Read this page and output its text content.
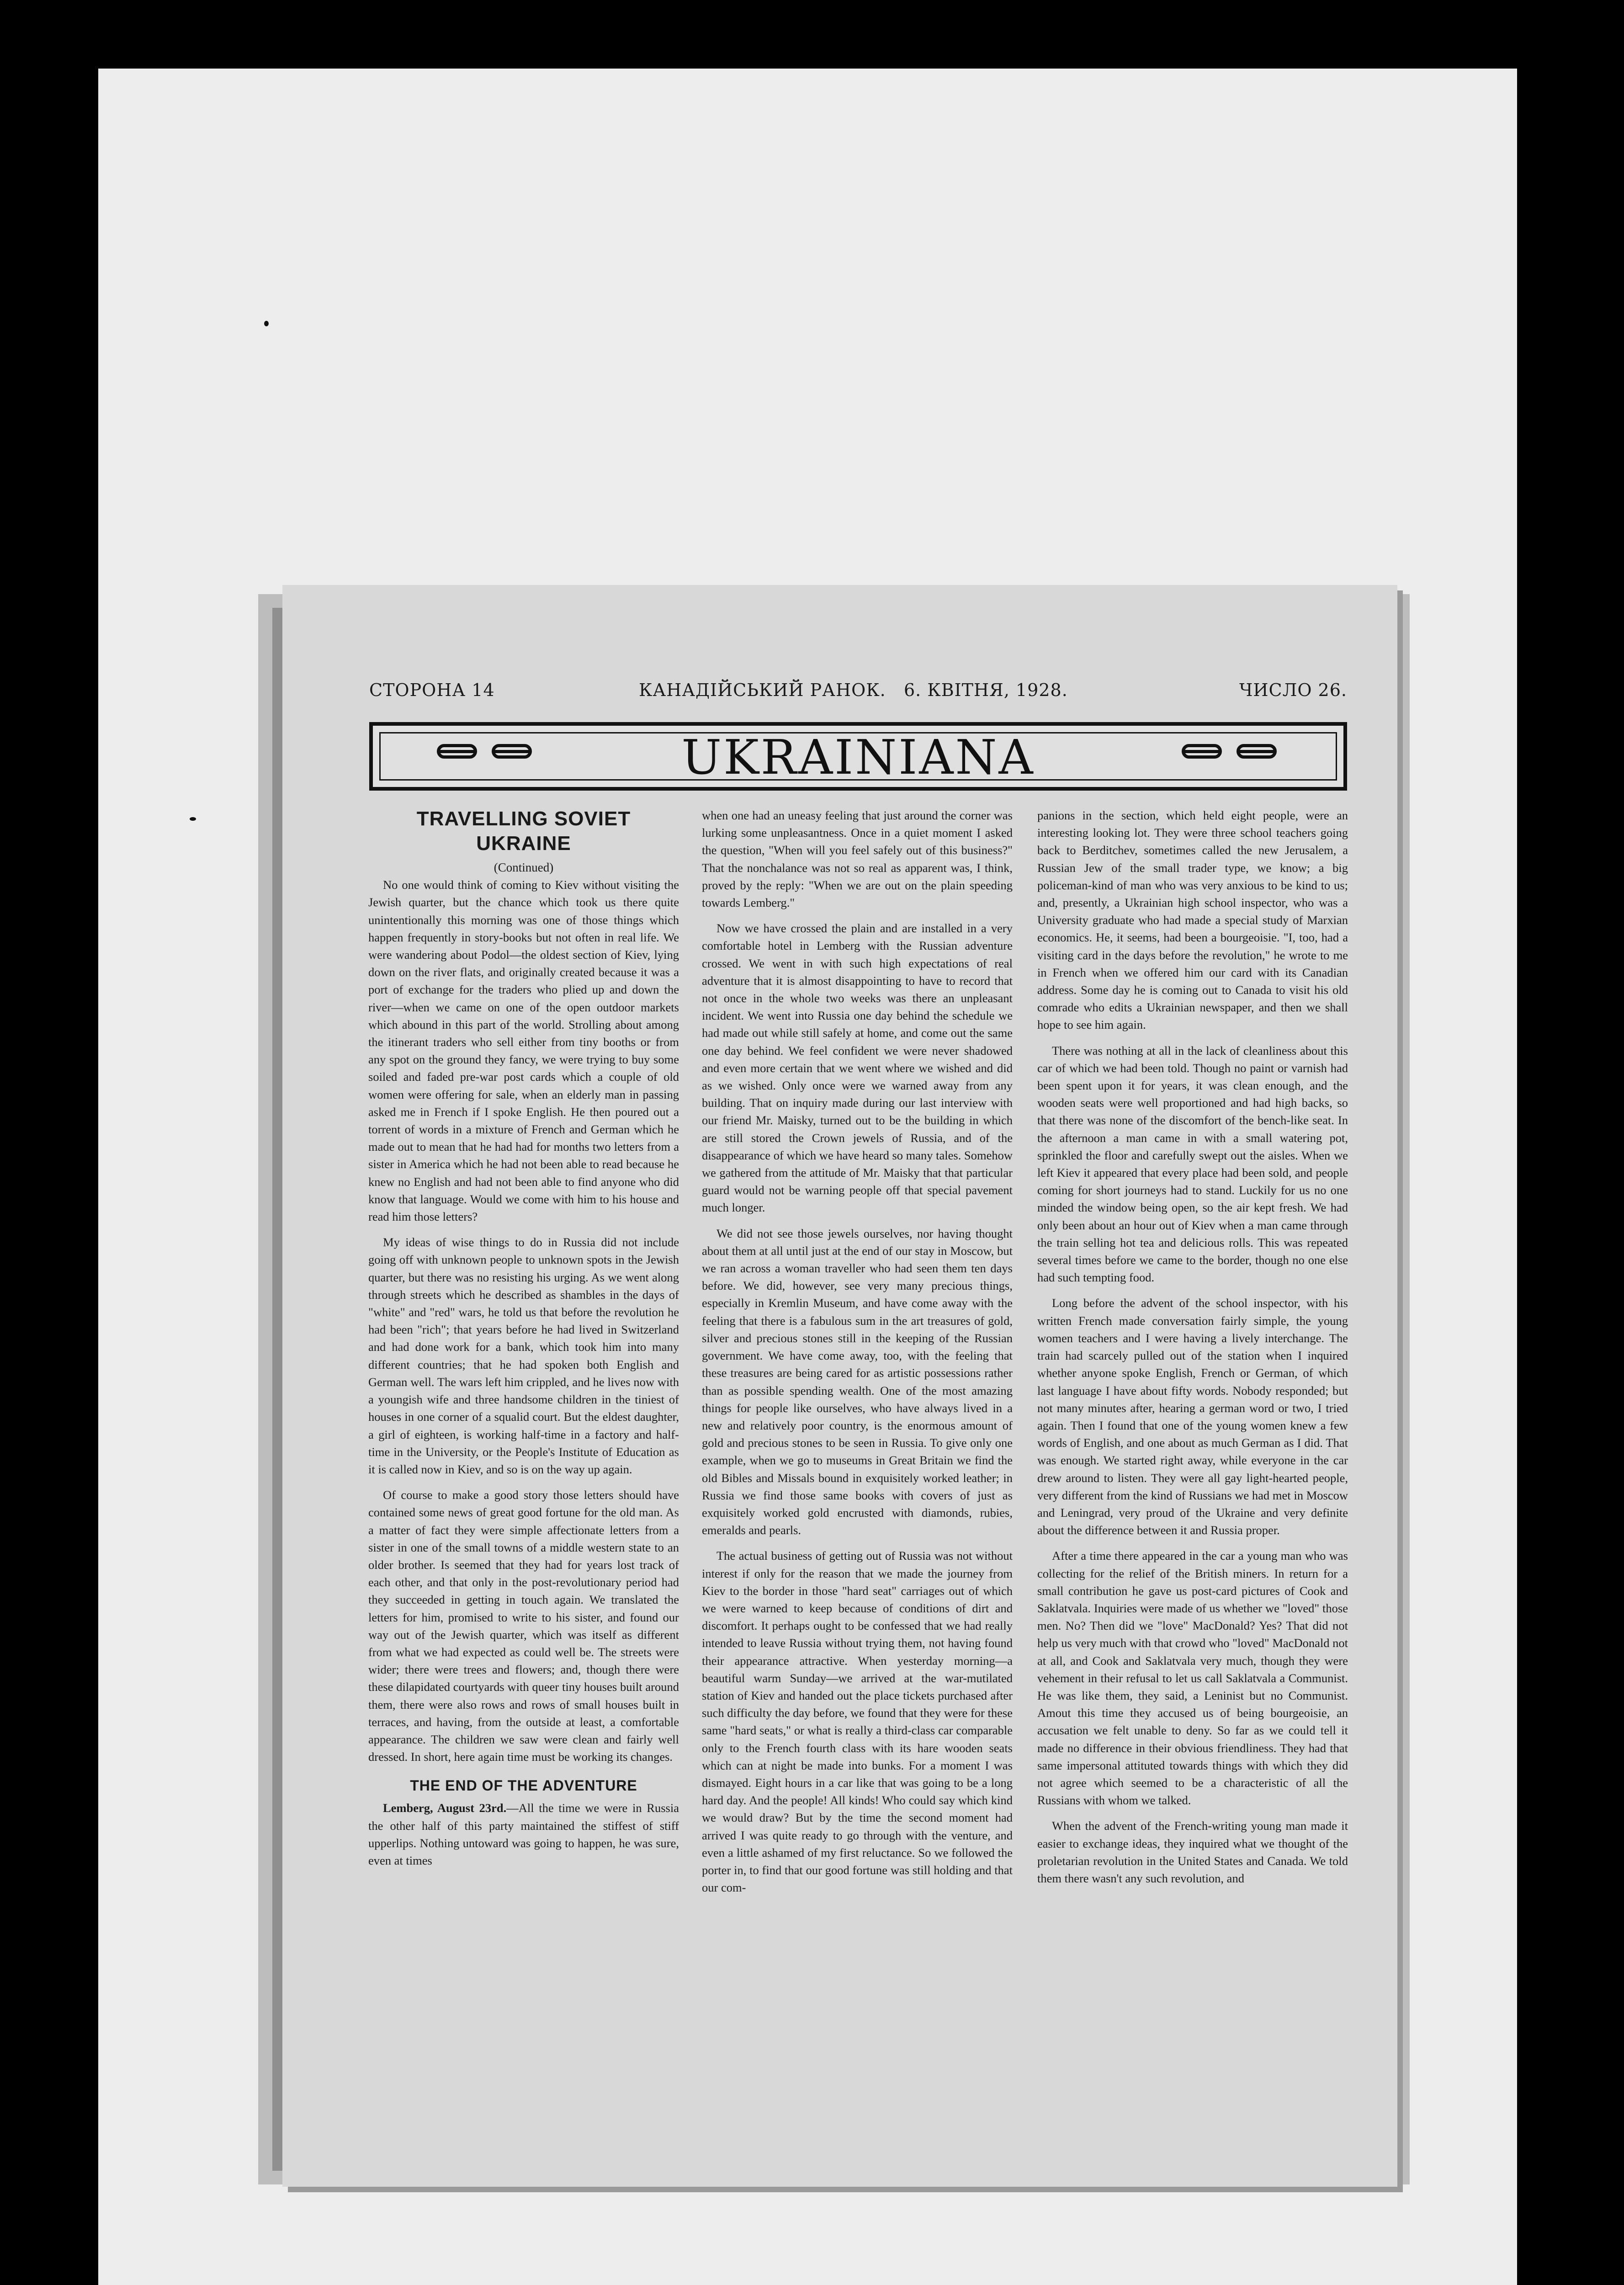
СТОРОНА 14	КАНАДІЙСЬКИЙ РАНОК. 6. КВІТНЯ, 1928.	ЧИСЛО 26.
UKRAINIANA
TRAVELLING SOVIET UKRAINE

(Continued)

No one would think of coming to Kiev without visiting the Jewish quarter, but the chance which took us there quite unintentionally this morning was one of those things which happen frequently in story-books but not often in real life. We were wandering about Podol—the oldest section of Kiev, lying down on the river flats, and originally created because it was a port of exchange for the traders who plied up and down the river—when we came on one of the open outdoor markets which abound in this part of the world. Strolling about among the itinerant traders who sell either from tiny booths or from any spot on the ground they fancy, we were trying to buy some soiled and faded pre-war post cards which a couple of old women were offering for sale, when an elderly man in passing asked me in French if I spoke English. He then poured out a torrent of words in a mixture of French and German which he made out to mean that he had had for months two letters from a sister in America which he had not been able to read because he knew no English and had not been able to find anyone who did know that language. Would we come with him to his house and read him those letters?

My ideas of wise things to do in Russia did not include going off with unknown people to unknown spots in the Jewish quarter, but there was no resisting his urging. As we went along through streets which he described as shambles in the days of "white" and "red" wars, he told us that before the revolution he had been "rich"; that years before he had lived in Switzerland and had done work for a bank, which took him into many different countries; that he had spoken both English and German well. The wars left him crippled, and he lives now with a youngish wife and three handsome children in the tiniest of houses in one corner of a squalid court. But the eldest daughter, a girl of eighteen, is working half-time in a factory and half-time in the University, or the People's Institute of Education as it is called now in Kiev, and so is on the way up again.

Of course to make a good story those letters should have contained some news of great good fortune for the old man. As a matter of fact they were simple affectionate letters from a sister in one of the small towns of a middle western state to an older brother. Is seemed that they had for years lost track of each other, and that only in the post-revolutionary period had they succeeded in getting in touch again. We translated the letters for him, promised to write to his sister, and found our way out of the Jewish quarter, which was itself as different from what we had expected as could well be. The streets were wider; there were trees and flowers; and, though there were these dilapidated courtyards with queer tiny houses built around them, there were also rows and rows of small houses built in terraces, and having, from the outside at least, a comfortable appearance. The children we saw were clean and fairly well dressed. In short, here again time must be working its changes.

THE END OF THE ADVENTURE

Lemberg, August 23rd.—All the time we were in Russia the other half of this party maintained the stiffest of stiff upperlips. Nothing untoward was going to happen, he was sure, even at times

when one had an uneasy feeling that just around the corner was lurking some unpleasantness. Once in a quiet moment I asked the question, "When will you feel safely out of this business?" That the nonchalance was not so real as apparent was, I think, proved by the reply: "When we are out on the plain speeding towards Lemberg."

Now we have crossed the plain and are installed in a very comfortable hotel in Lemberg with the Russian adventure crossed. We went in with such high expectations of real adventure that it is almost disappointing to have to record that not once in the whole two weeks was there an unpleasant incident. We went into Russia one day behind the schedule we had made out while still safely at home, and come out the same one day behind. We feel confident we were never shadowed and even more certain that we went where we wished and did as we wished. Only once were we warned away from any building. That on inquiry made during our last interview with our friend Mr. Maisky, turned out to be the building in which are still stored the Crown jewels of Russia, and of the disappearance of which we have heard so many tales. Somehow we gathered from the attitude of Mr. Maisky that that particular guard would not be warning people off that special pavement much longer.

We did not see those jewels ourselves, nor having thought about them at all until just at the end of our stay in Moscow, but we ran across a woman traveller who had seen them ten days before. We did, however, see very many precious things, especially in Kremlin Museum, and have come away with the feeling that there is a fabulous sum in the art treasures of gold, silver and precious stones still in the keeping of the Russian government. We have come away, too, with the feeling that these treasures are being cared for as artistic possessions rather than as possible spending wealth. One of the most amazing things for people like ourselves, who have always lived in a new and relatively poor country, is the enormous amount of gold and precious stones to be seen in Russia. To give only one example, when we go to museums in Great Britain we find the old Bibles and Missals bound in exquisitely worked leather; in Russia we find those same books with covers of just as exquisitely worked gold encrusted with diamonds, rubies, emeralds and pearls.

The actual business of getting out of Russia was not without interest if only for the reason that we made the journey from Kiev to the border in those "hard seat" carriages out of which we were warned to keep because of conditions of dirt and discomfort. It perhaps ought to be confessed that we had really intended to leave Russia without trying them, not having found their appearance attractive. When yesterday morning—a beautiful warm Sunday—we arrived at the war-mutilated station of Kiev and handed out the place tickets purchased after such difficulty the day before, we found that they were for these same "hard seats," or what is really a third-class car comparable only to the French fourth class with its hare wooden seats which can at night be made into bunks. For a moment I was dismayed. Eight hours in a car like that was going to be a long hard day. And the people! All kinds! Who could say which kind we would draw? But by the time the second moment had arrived I was quite ready to go through with the venture, and even a little ashamed of my first reluctance. So we followed the porter in, to find that our good fortune was still holding and that our com-

panions in the section, which held eight people, were an interesting looking lot. They were three school teachers going back to Berditchev, sometimes called the new Jerusalem, a Russian Jew of the small trader type, we know; a big policeman-kind of man who was very anxious to be kind to us; and, presently, a Ukrainian high school inspector, who was a University graduate who had made a special study of Marxian economics. He, it seems, had been a bourgeoisie. "I, too, had a visiting card in the days before the revolution," he wrote to me in French when we offered him our card with its Canadian address. Some day he is coming out to Canada to visit his old comrade who edits a Ukrainian newspaper, and then we shall hope to see him again.

There was nothing at all in the lack of cleanliness about this car of which we had been told. Though no paint or varnish had been spent upon it for years, it was clean enough, and the wooden seats were well proportioned and had high backs, so that there was none of the discomfort of the bench-like seat. In the afternoon a man came in with a small watering pot, sprinkled the floor and carefully swept out the aisles. When we left Kiev it appeared that every place had been sold, and people coming for short journeys had to stand. Luckily for us no one minded the window being open, so the air kept fresh. We had only been about an hour out of Kiev when a man came through the train selling hot tea and delicious rolls. This was repeated several times before we came to the border, though no one else had such tempting food.

Long before the advent of the school inspector, with his written French made conversation fairly simple, the young women teachers and I were having a lively interchange. The train had scarcely pulled out of the station when I inquired whether anyone spoke English, French or German, of which last language I have about fifty words. Nobody responded; but not many minutes after, hearing a german word or two, I tried again. Then I found that one of the young women knew a few words of English, and one about as much German as I did. That was enough. We started right away, while everyone in the car drew around to listen. They were all gay light-hearted people, very different from the kind of Russians we had met in Moscow and Leningrad, very proud of the Ukraine and very definite about the difference between it and Russia proper.

After a time there appeared in the car a young man who was collecting for the relief of the British miners. In return for a small contribution he gave us post-card pictures of Cook and Saklatvala. Inquiries were made of us whether we "loved" those men. No? Then did we "love" MacDonald? Yes? That did not help us very much with that crowd who "loved" MacDonald not at all, and Cook and Saklatvala very much, though they were vehement in their refusal to let us call Saklatvala a Communist. He was like them, they said, a Leninist but no Communist. Amout this time they accused us of being bourgeoisie, an accusation we felt unable to deny. So far as we could tell it made no difference in their obvious friendliness. They had that same impersonal attituted towards things with which they did not agree which seemed to be a characteristic of all the Russians with whom we talked.

When the advent of the French-writing young man made it easier to exchange ideas, they inquired what we thought of the proletarian revolution in the United States and Canada. We told them there wasn't any such revolution, and
